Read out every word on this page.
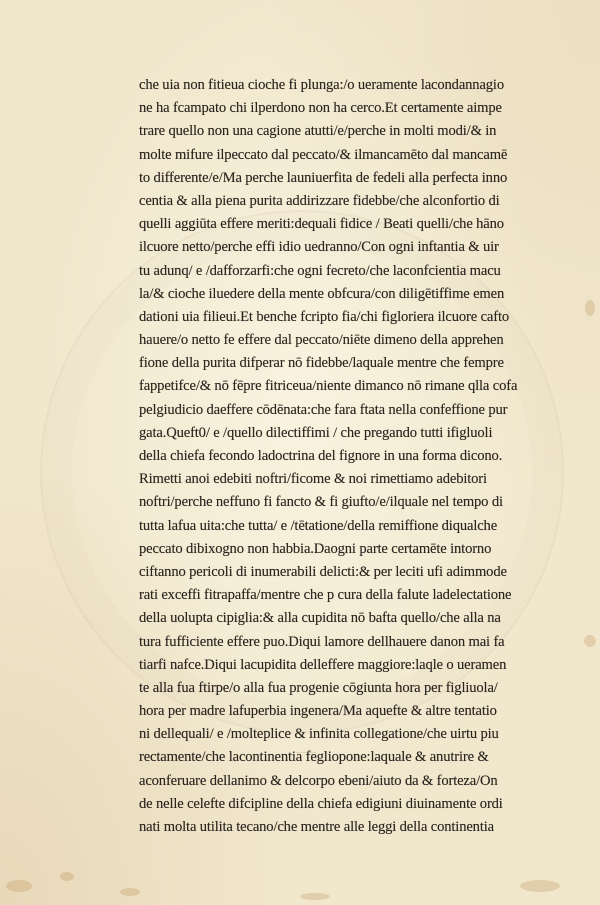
che uia non fitieua cioche fi plunga:/o ueramente lacondannagio
ne ha fcampato chi ilperdono non ha cerco.Et certamente aimpe
trare quello non una cagione atutti/e/perche in molti modi/& in
molte mifure ilpeccato dal peccato/& ilmancamēto dal mancamē
to differente/e/Ma perche launiuerfita de fedeli alla perfecta inno
centia & alla piena purita addirizzare fidebbe/che alconfortio di
quelli aggiūta effere meriti:dequali fidice / Beati quelli/che hāno
ilcuore netto/perche effi idio uedranno/Con ogni inftantia & uir
tu adunq/ e /dafforzarfi:che ogni fecreto/che laconfcientia macu
la/& cioche iluedere della mente obfcura/con diligētiffime emen
dationi uia filieui.Et benche fcripto fia/chi figloriera ilcuore cafto
hauere/o netto fe effere dal peccato/niēte dimeno della apprehen
fione della purita difperar nō fidebbe/laquale mentre che fempre
fappetifce/& nō fēpre fitriceua/niente dimanco nō rimane qlla cofa
pelgiudicio daeffere cōdēnata:che fara ftata nella confeffione pur
gata.Queft0/ e /quello dilectiffimi / che pregando tutti ifigluoli
della chiefa fecondo ladoctrina del fignore in una forma dicono.
Rimetti anoi edebiti noftri/ficome & noi rimettiamo adebitori
noftri/perche neffuno fi fancto & fi giufto/e/ilquale nel tempo di
tutta lafua uita:che tutta/ e /tētatione/della remiffione diqualche
peccato dibixogno non habbia.Daogni parte certamēte intorno
ciftanno pericoli di inumerabili delicti:& per leciti ufi adimmode
rati exceffi fitrapaffa/mentre che p cura della falute ladelectatione
della uolupta cipiglia:& alla cupidita nō bafta quello/che alla na
tura fufficiente effere puo.Diqui lamore dellhauere danon mai fa
tiarfi nafce.Diqui lacupidita delleffere maggiore:laqle o ueramen
te alla fua ftirpe/o alla fua progenie cōgiunta hora per figliuola/
hora per madre lafuperbia ingenera/Ma aquefte & altre tentatio
ni dellequali/ e /molteplice & infinita collegatione/che uirtu piu
rectamente/che lacontinentia fegliopone:laquale & anutrire &
aconferuare dellanimo & delcorpo ebeni/aiuto da & forteza/On
de nelle celefte difcipline della chiefa edigiuni diuinamente ordi
nati molta utilita tecano/che mentre alle leggi della continentia
